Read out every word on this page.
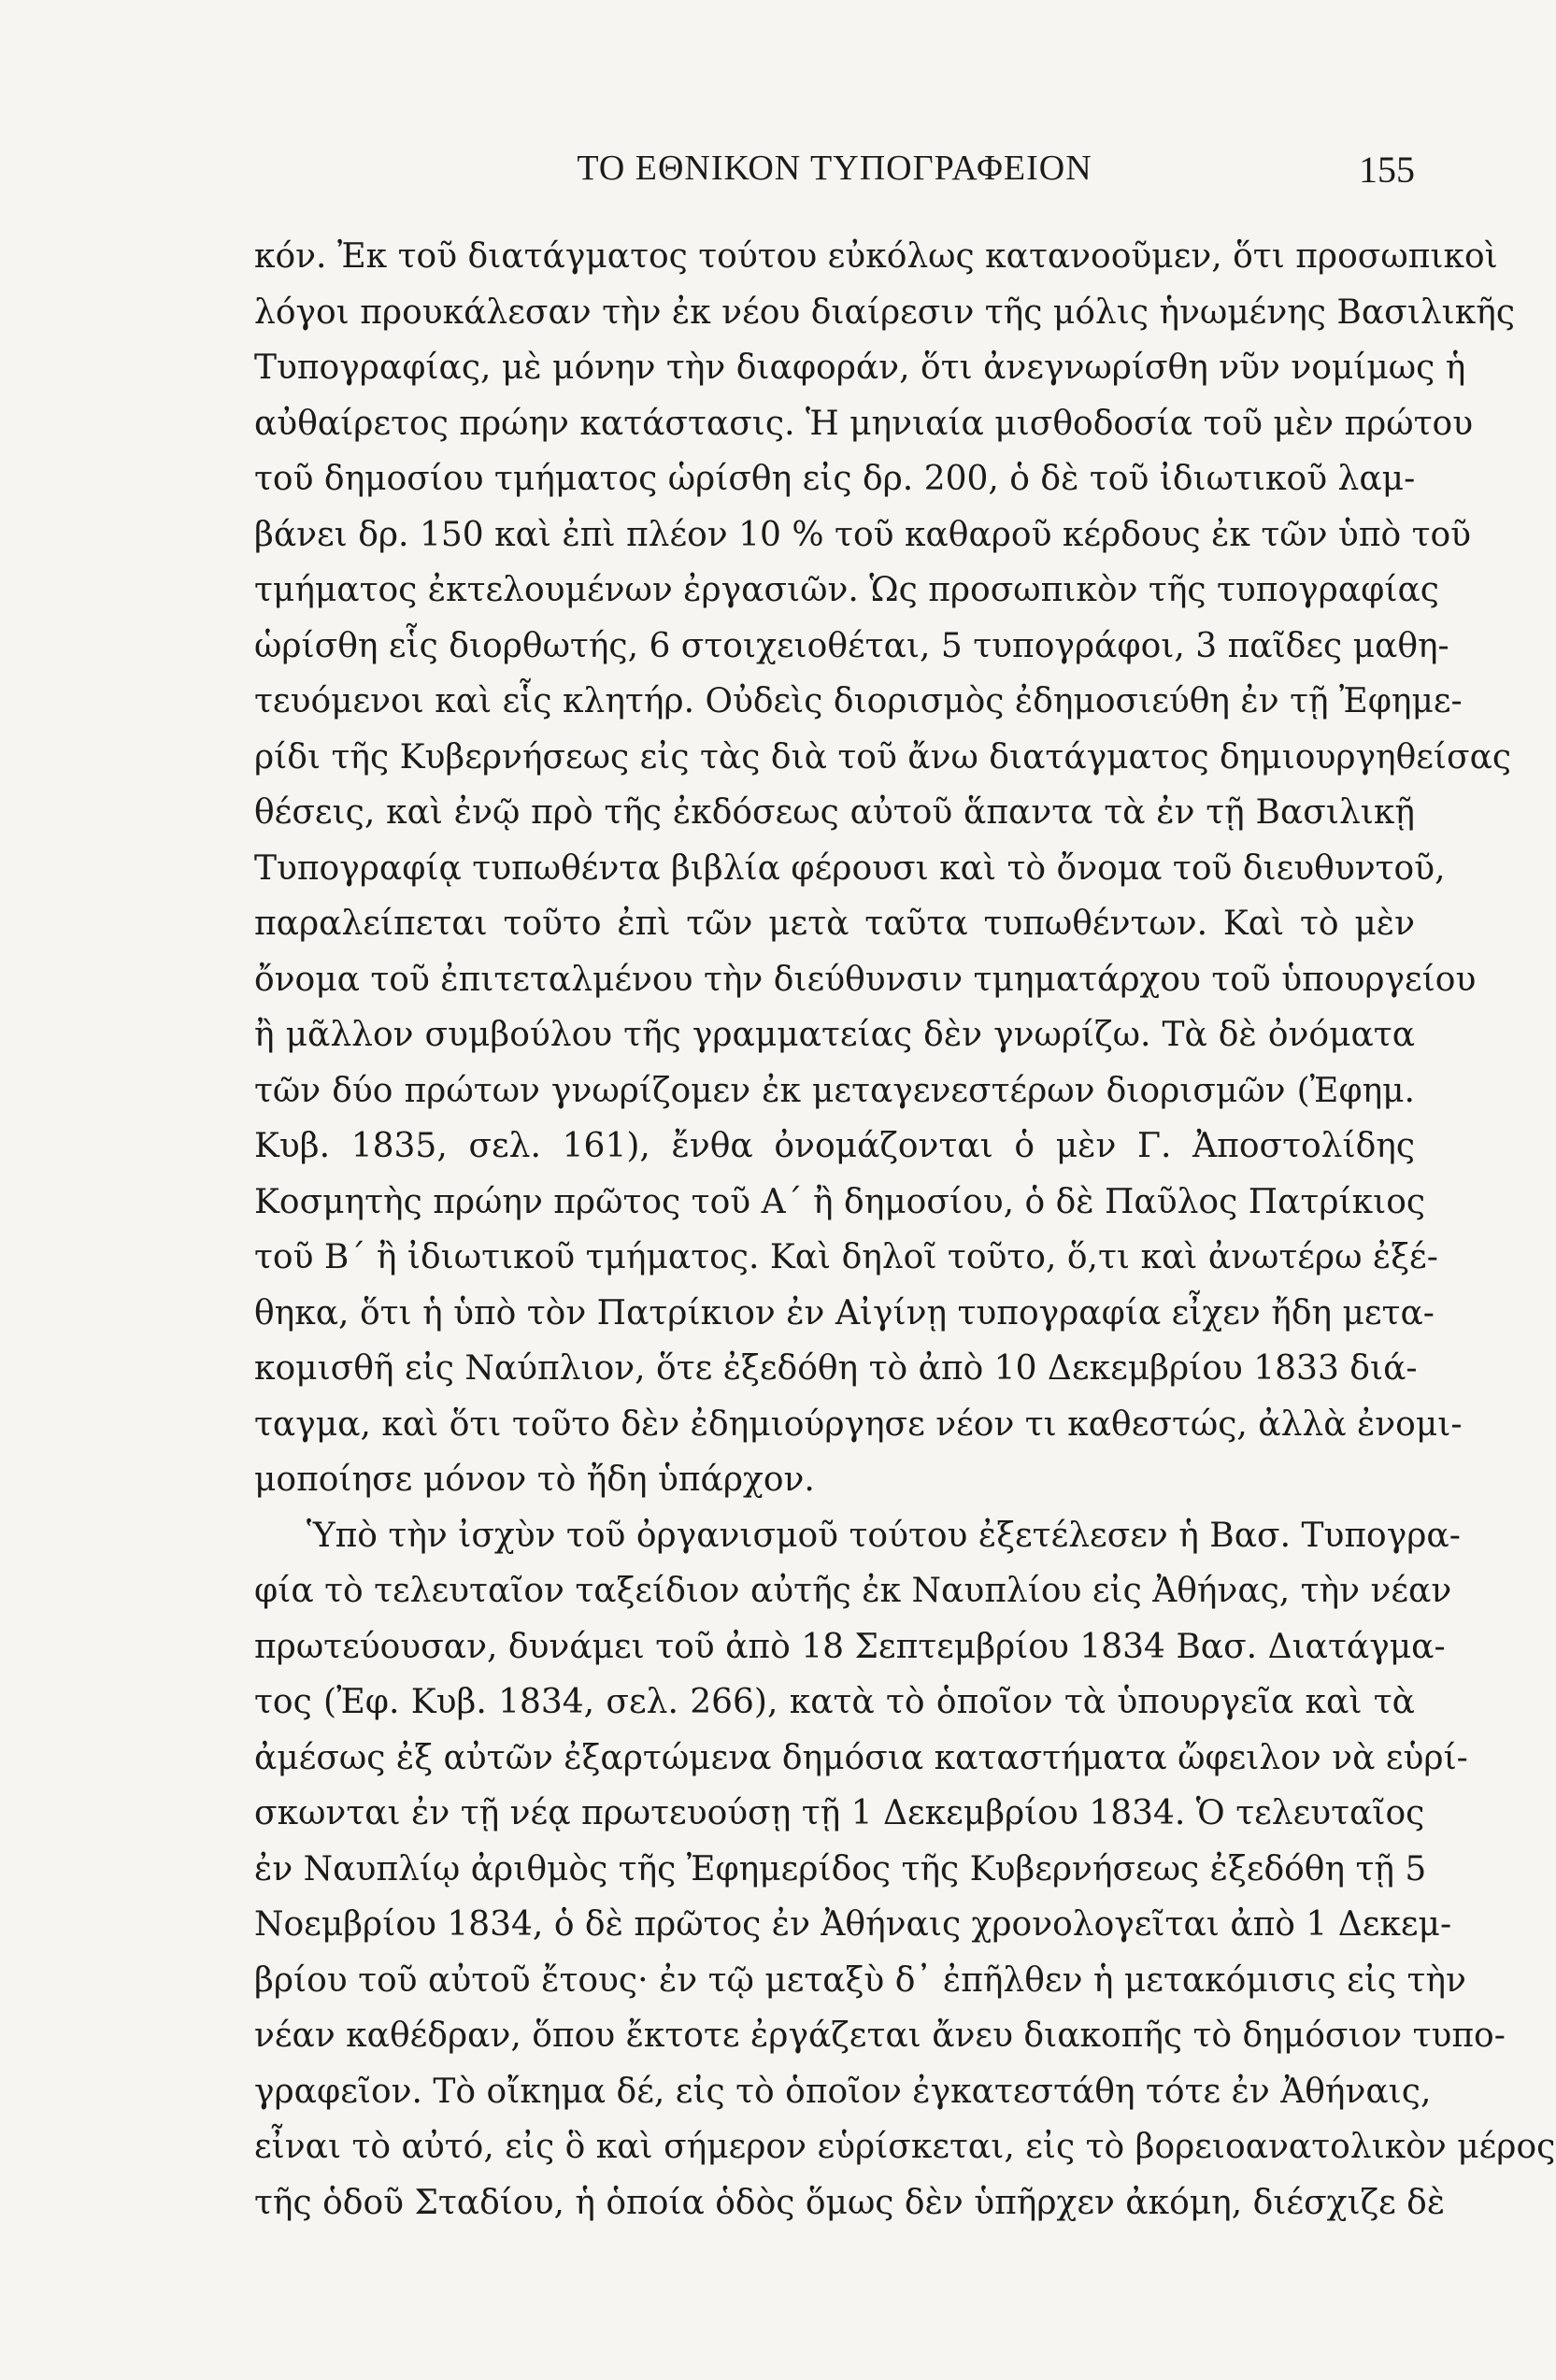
ΤΟ ΕΘΝΙΚΟΝ ΤΥΠΟΓΡΑΦΕΙΟΝ	155
κόν. Ἐκ τοῦ διατάγματος τούτου εὐκόλως κατανοοῦμεν, ὅτι προσωπικοὶ
λόγοι προυκάλεσαν τὴν ἐκ νέου διαίρεσιν τῆς μόλις ἡνωμένης Βασιλικῆς
Τυπογραφίας, μὲ μόνην τὴν διαφοράν, ὅτι ἀνεγνωρίσθη νῦν νομίμως ἡ
αὐθαίρετος πρώην κατάστασις. Ἡ μηνιαία μισθοδοσία τοῦ μὲν πρώτου
τοῦ δημοσίου τμήματος ὡρίσθη εἰς δρ. 200, ὁ δὲ τοῦ ἰδιωτικοῦ λαμ-
βάνει δρ. 150 καὶ ἐπὶ πλέον 10 % τοῦ καθαροῦ κέρδους ἐκ τῶν ὑπὸ τοῦ
τμήματος ἐκτελουμένων ἐργασιῶν. Ὡς προσωπικὸν τῆς τυπογραφίας
ὡρίσθη εἷς διορθωτής, 6 στοιχειοθέται, 5 τυπογράφοι, 3 παῖδες μαθη-
τευόμενοι καὶ εἷς κλητήρ. Οὐδεὶς διορισμὸς ἐδημοσιεύθη ἐν τῇ Ἐφημε-
ρίδι τῆς Κυβερνήσεως εἰς τὰς διὰ τοῦ ἄνω διατάγματος δημιουργηθείσας
θέσεις, καὶ ἐνῷ πρὸ τῆς ἐκδόσεως αὐτοῦ ἅπαντα τὰ ἐν τῇ Βασιλικῇ
Τυπογραφίᾳ τυπωθέντα βιβλία φέρουσι καὶ τὸ ὄνομα τοῦ διευθυντοῦ,
παραλείπεται τοῦτο ἐπὶ τῶν μετὰ ταῦτα τυπωθέντων. Καὶ τὸ μὲν
ὄνομα τοῦ ἐπιτεταλμένου τὴν διεύθυνσιν τμηματάρχου τοῦ ὑπουργείου
ἢ μᾶλλον συμβούλου τῆς γραμματείας δὲν γνωρίζω. Τὰ δὲ ὀνόματα
τῶν δύο πρώτων γνωρίζομεν ἐκ μεταγενεστέρων διορισμῶν (Ἐφημ.
Κυβ. 1835, σελ. 161), ἔνθα ὀνομάζονται ὁ μὲν Γ. Ἀποστολίδης
Κοσμητὴς πρώην πρῶτος τοῦ Α΄ ἢ δημοσίου, ὁ δὲ Παῦλος Πατρίκιος
τοῦ Β΄ ἢ ἰδιωτικοῦ τμήματος. Καὶ δηλοῖ τοῦτο, ὅ,τι καὶ ἀνωτέρω ἐξέ-
θηκα, ὅτι ἡ ὑπὸ τὸν Πατρίκιον ἐν Αἰγίνῃ τυπογραφία εἶχεν ἤδη μετα-
κομισθῆ εἰς Ναύπλιον, ὅτε ἐξεδόθη τὸ ἀπὸ 10 Δεκεμβρίου 1833 διά-
ταγμα, καὶ ὅτι τοῦτο δὲν ἐδημιούργησε νέον τι καθεστώς, ἀλλὰ ἐνομι-
μοποίησε μόνον τὸ ἤδη ὑπάρχον.
Ὑπὸ τὴν ἰσχὺν τοῦ ὀργανισμοῦ τούτου ἐξετέλεσεν ἡ Βασ. Τυπογρα-
φία τὸ τελευταῖον ταξείδιον αὐτῆς ἐκ Ναυπλίου εἰς Ἀθήνας, τὴν νέαν
πρωτεύουσαν, δυνάμει τοῦ ἀπὸ 18 Σεπτεμβρίου 1834 Βασ. Διατάγμα-
τος (Ἐφ. Κυβ. 1834, σελ. 266), κατὰ τὸ ὁποῖον τὰ ὑπουργεῖα καὶ τὰ
ἀμέσως ἐξ αὐτῶν ἐξαρτώμενα δημόσια καταστήματα ὤφειλον νὰ εὑρί-
σκωνται ἐν τῇ νέᾳ πρωτευούσῃ τῇ 1 Δεκεμβρίου 1834. Ὁ τελευταῖος
ἐν Ναυπλίῳ ἀριθμὸς τῆς Ἐφημερίδος τῆς Κυβερνήσεως ἐξεδόθη τῇ 5
Νοεμβρίου 1834, ὁ δὲ πρῶτος ἐν Ἀθήναις χρονολογεῖται ἀπὸ 1 Δεκεμ-
βρίου τοῦ αὐτοῦ ἔτους· ἐν τῷ μεταξὺ δ᾽ ἐπῆλθεν ἡ μετακόμισις εἰς τὴν
νέαν καθέδραν, ὅπου ἔκτοτε ἐργάζεται ἄνευ διακοπῆς τὸ δημόσιον τυπο-
γραφεῖον. Τὸ οἴκημα δέ, εἰς τὸ ὁποῖον ἐγκατεστάθη τότε ἐν Ἀθήναις,
εἶναι τὸ αὐτό, εἰς ὃ καὶ σήμερον εὑρίσκεται, εἰς τὸ βορειοανατολικὸν μέρος
τῆς ὁδοῦ Σταδίου, ἡ ὁποία ὁδὸς ὅμως δὲν ὑπῆρχεν ἀκόμη, διέσχιζε δὲ
